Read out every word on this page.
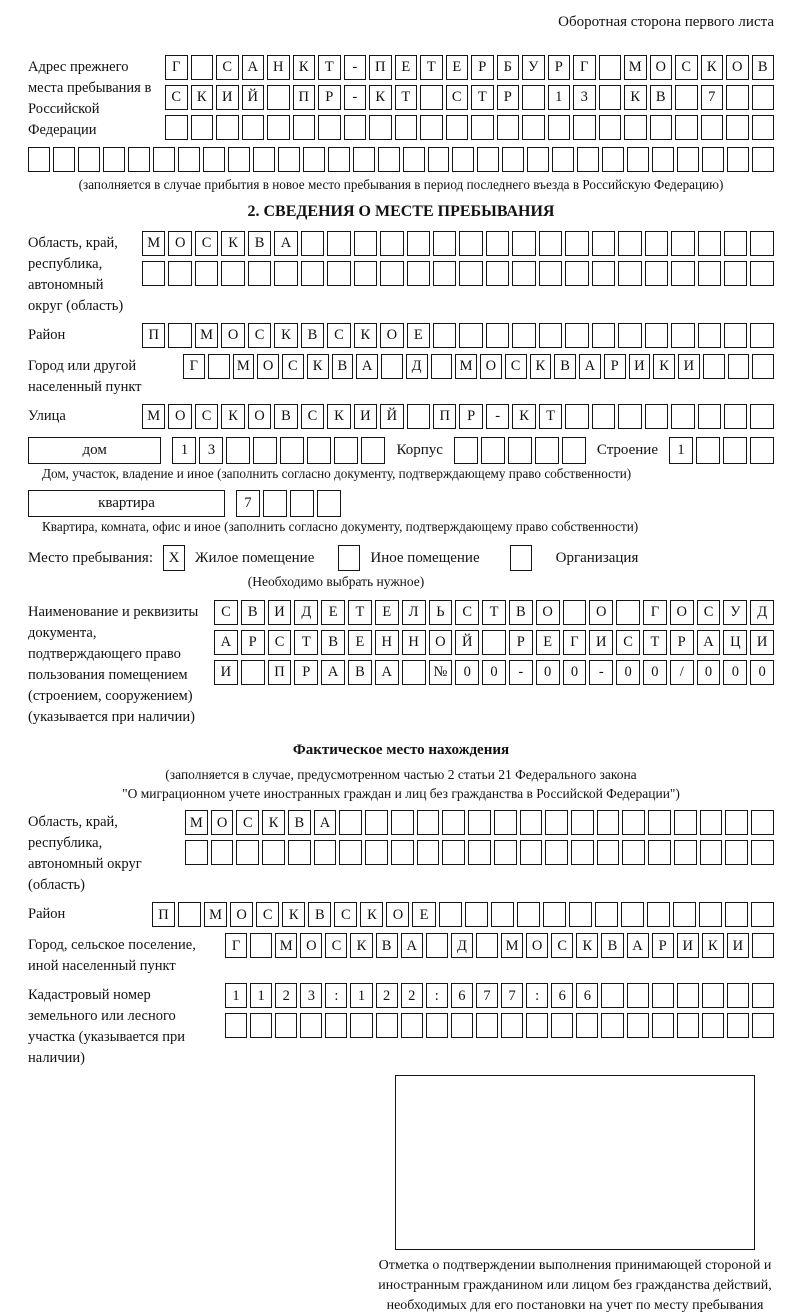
Оборотная сторона первого листа
Адрес прежнего места пребывания в Российской Федерации
Г	С	А	Н	К	Т	-	П	Е	Т	Е	Р	Б	У	Р	Г	М О	С	К	О	В
С	К	И	Й	П	Р	-	К	Т	С	Т	Р	1	3	К	В	7
(заполняется в случае прибытия в новое место пребывания в период последнего въезда в Российскую Федерацию)
2. СВЕДЕНИЯ О МЕСТЕ ПРЕБЫВАНИЯ
Область, край, республика, автономный округ (область)
М	О	С	К	В	А
Район	П	М	О	С	К	В	С	К	О	Е
Город или другой населенный пункт
Г	М О	С	К	В	А	Д	М О	С	К	В	А	Р	И	К	И
Улица	М	О	С	К	О	В	С	К	И	Й	П	Р	-	К	Т
дом	1	3	Корпус	Строение	1
Дом, участок, владение и иное (заполнить согласно документу, подтверждающему право собственности)
квартира	7
Квартира, комната, офис и иное (заполнить согласно документу, подтверждающему право собственности)
Место пребывания:	X	Жилое помещение	Иное помещение	Организация
(Необходимо выбрать нужное)
Наименование и реквизиты документа, подтверждающего право пользования помещением (строением, сооружением) (указывается при наличии)
С	В	И	Д	Е	Т	Е	Л	Ь	С	Т	В	О	О	Г	О	С	У	Д
А	Р	С	Т	В	Е	Н	Н	О	Й	Р	Е	Г	И	С	Т	Р	А	Ц	И
И	П	Р	А	В	А	№	0	0	-	0	0	-	0	0	/	0	0	0
Фактическое место нахождения
(заполняется в случае, предусмотренном частью 2 статьи 21 Федерального закона
"О миграционном учете иностранных граждан и лиц без гражданства в Российской Федерации")
Область, край, республика, автономный округ (область)
М О	С	К	В	А
Район	П	М О	С	К	В	С	К	О	Е
Город, сельское поселение, иной населенный пункт
Г	М О	С	К	В	А	Д	М О	С	К	В	А	Р	И	К	И
Кадастровый номер земельного или лесного участка (указывается при наличии)
1	1	2	3	:	1	2	2	:	6	7	7	:	6	6
Отметка о подтверждении выполнения принимающей стороной и иностранным гражданином или лицом без гражданства действий, необходимых для его постановки на учет по месту пребывания
